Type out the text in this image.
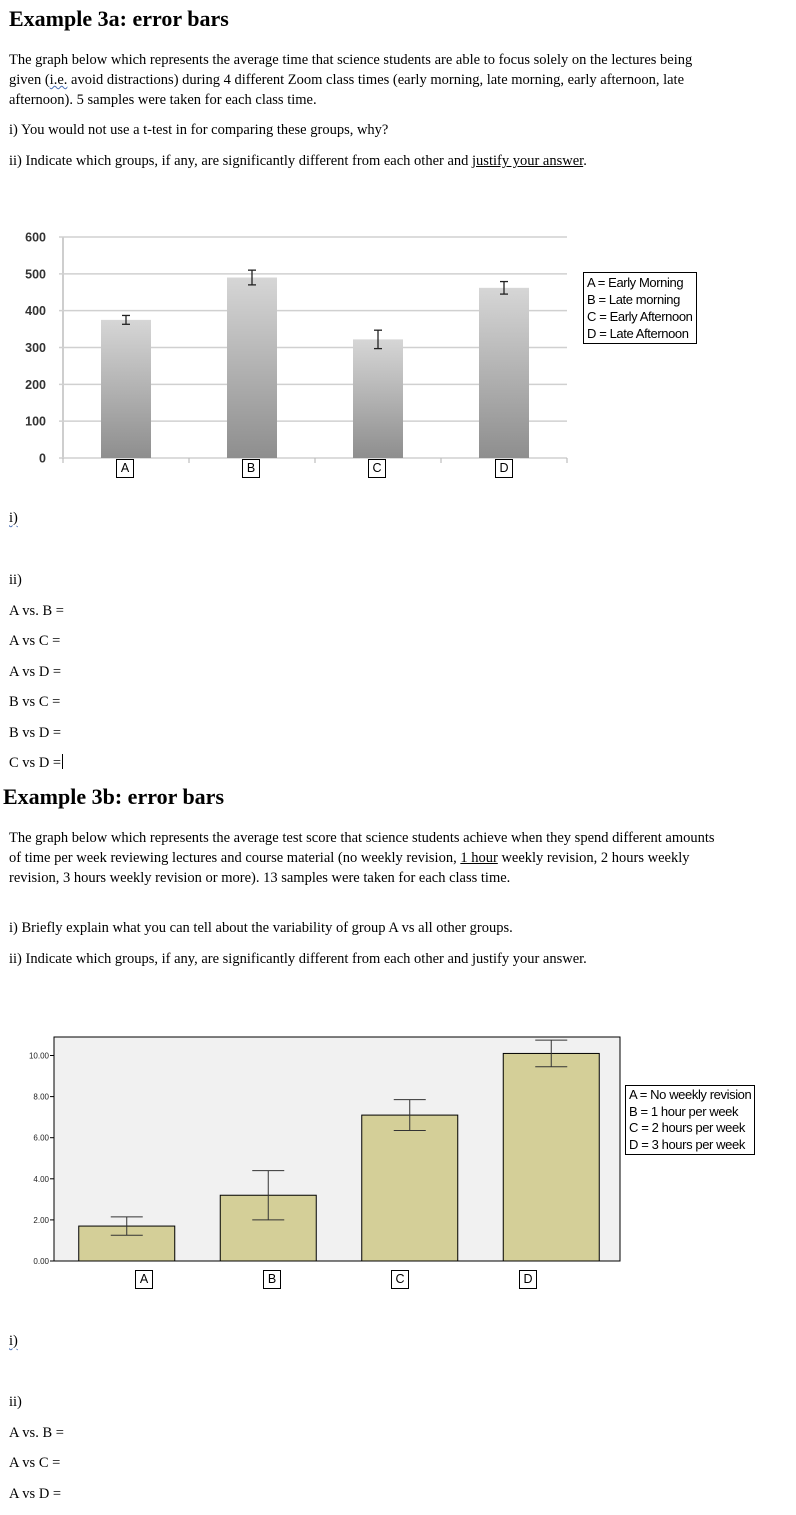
Example 3a: error bars
The graph below which represents the average time that science students are able to focus solely on the lectures being given (i.e. avoid distractions) during 4 different Zoom class times (early morning, late morning, early afternoon, late afternoon). 5 samples were taken for each class time.
i) You would not use a t-test in for comparing these groups, why?
ii) Indicate which groups, if any, are significantly different from each other and justify your answer.
0
100
200
300
400
500
600
A = Early Morning
B = Late morning
C = Early Afternoon
D = Late Afternoon
A	B	C	D
i)
ii)
A vs. B =
A vs C =
A vs D =
B vs C =
B vs D =
C vs D =
Example 3b: error bars
The graph below which represents the average test score that science students achieve when they spend different amounts of time per week reviewing lectures and course material (no weekly revision, 1 hour weekly revision, 2 hours weekly revision, 3 hours weekly revision or more). 13 samples were taken for each class time.
i) Briefly explain what you can tell about the variability of group A vs all other groups.
ii) Indicate which groups, if any, are significantly different from each other and justify your answer.
0.00
2.00
4.00
6.00
8.00
10.00
A = No weekly revision
B = 1 hour per week
C = 2 hours per week
D = 3 hours per week
A	B	C	D
i)
ii)
A vs. B =
A vs C =
A vs D =
